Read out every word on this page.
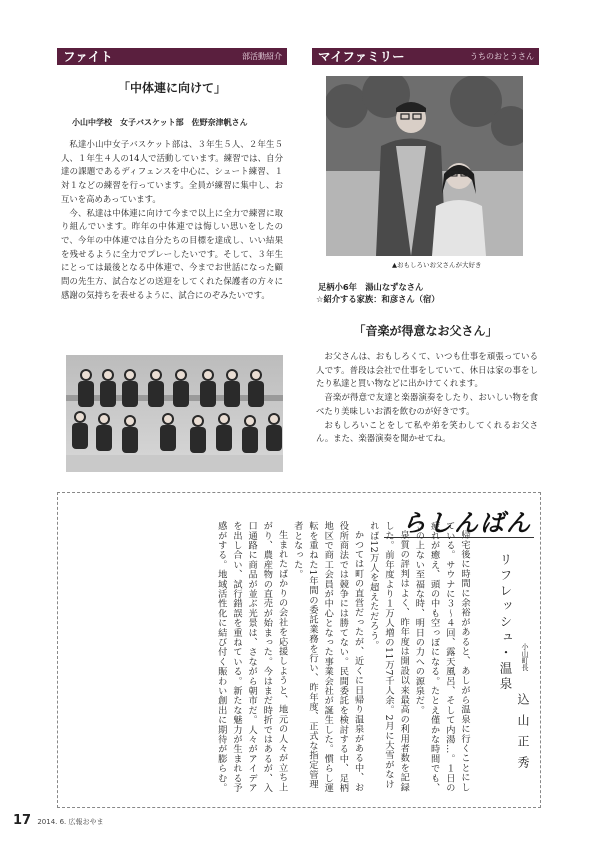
ファイト	部活動紹介
「中体連に向けて」
小山中学校　女子バスケット部　佐野奈津帆さん

私達小山中女子バスケット部は、３年生５人、２年生５人、１年生４人の14人で活動しています。練習では、自分達の課題であるディフェンスを中心に、シュート練習、１対１などの練習を行っています。全員が練習に集中し、お互いを高めあっています。

今、私達は中体連に向けて今まで以上に全力で練習に取り組んでいます。昨年の中体連では悔しい思いをしたので、今年の中体連では自分たちの目標を達成し、いい結果を残せるように全力でプレーしたいです。そして、３年生にとっては最後となる中体連で、今までお世話になった顧問の先生方、試合などの送迎をしてくれた保護者の方々に感謝の気持ちを表せるように、試合にのぞみたいです。

マイファミリー	うちのおとうさん
▲おもしろいお父さんが大好き
足柄小6年　湯山なずなさん
☆紹介する家族：和彦さん（宿）
「音楽が得意なお父さん」

お父さんは、おもしろくて、いつも仕事を頑張っている人です。普段は会社で仕事をしていて、休日は家の事をしたり私達と買い物などに出かけてくれます。

音楽が得意で友達と楽器演奏をしたり、おいしい物を食べたり美味しいお酒を飲むのが好きです。

おもしろいことをして私や弟を笑わしてくれるお父さん。また、楽器演奏を聞かせてね。

らしんばん
リフレッシュ・温泉 小山町長
込山正秀

帰宅後に時間に余裕があると、あしがら温泉に行くことにしている。サウナに３～４回、露天風呂、そして内湯…。１日の疲れが癒え、頭の中も空っぽになる。たとえ僅かな時間でも、この上ない至福な時、明日の力への源泉だ。

泉質の評判はよく、昨年度は開設以来最高の利用者数を記録した。前年度より１万人増の11万7千人余。2月に大雪がなければ12万人を超えただろう。

かつては町の直営だったが、近くに日帰り温泉がある中、お役所商法では競争には勝てない。民間委託を検討する中、足柄地区で商工会員が中心となった事業会社が誕生した。慣らし運転を重ねた1年間の委託業務を行い、昨年度、正式な指定管理者となった。

生まれたばかりの会社を応援しようと、地元の人々が立ち上がり、農産物の直売が始まった。今はまだ時折ではあるが、入口通路に商品が並ぶ光景は、さながら朝市だ。人々がアイデアを出し合い、試行錯誤を重ねている。新たな魅力が生まれる予感がする。地域活性化に結び付く賑わい創出に期待が膨らむ。

17 2014. 6. 広報おやま
